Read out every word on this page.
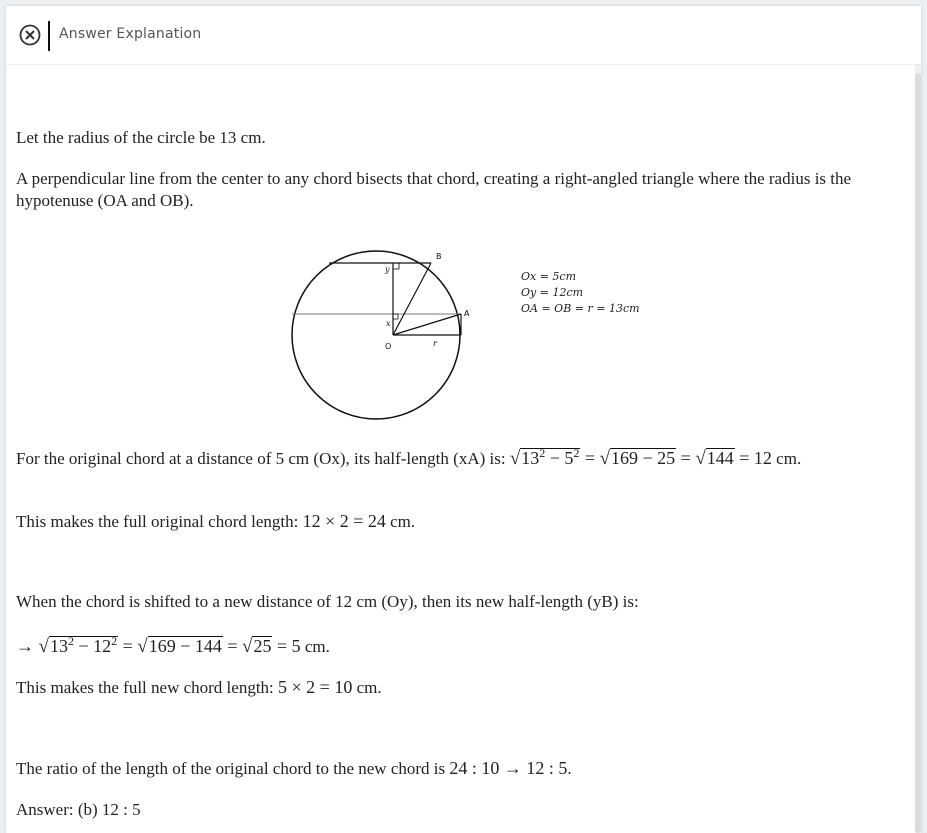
Answer Explanation
Let the radius of the circle be 13 cm.
A perpendicular line from the center to any chord bisects that chord, creating a right-angled triangle where the radius is the hypotenuse (OA and OB).
B
A
y
x
O	r
Ox = 5cm
Oy = 12cm
OA = OB = r = 13cm
For the original chord at a distance of 5 cm (Ox), its half-length (xA) is: $√13^2 - 5^2 = √169 - 25 = √144 = 12$ cm.
This makes the full original chord length: 12 × 2 = 24 cm.
When the chord is shifted to a new distance of 12 cm (Oy), then its new half-length (yB) is:
→ $√13^2 - 12^2 = √169 - 144 = √25 = 5$ cm.
This makes the full new chord length: 5 × 2 = 10 cm.
The ratio of the length of the original chord to the new chord is 24 : 10 → 12 : 5.
Answer: (b) 12 : 5
